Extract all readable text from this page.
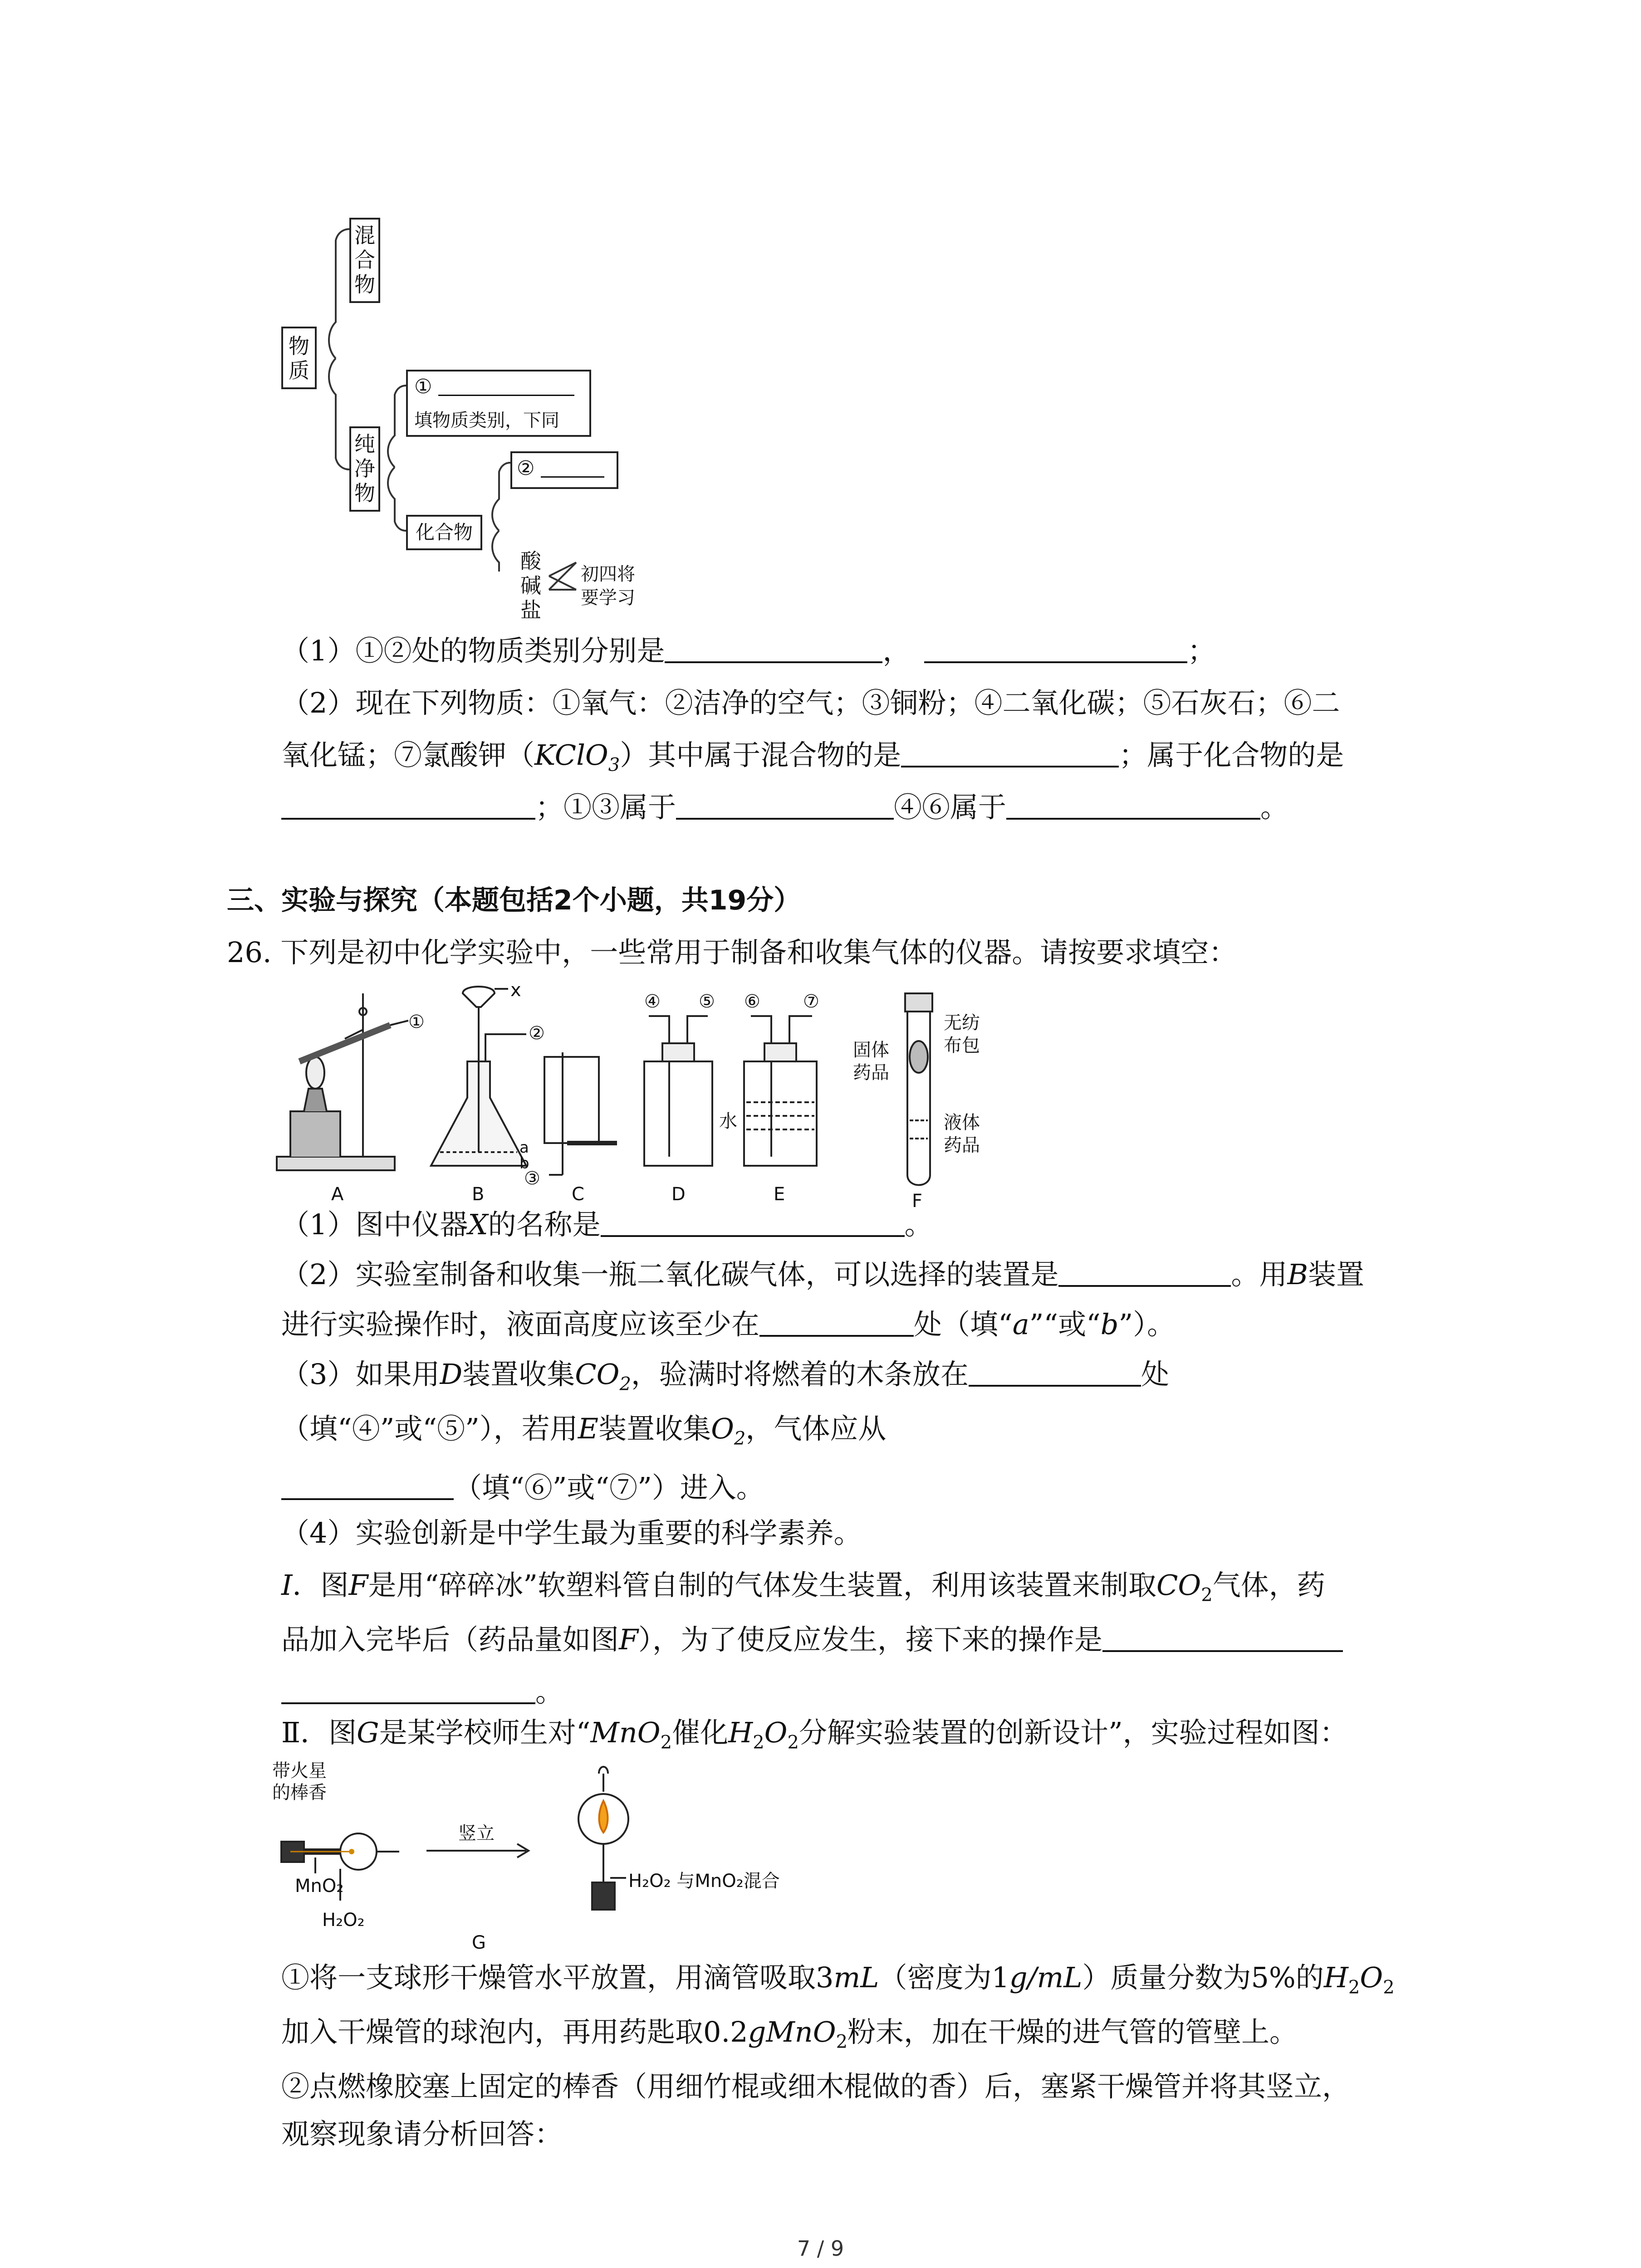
物质
混合物
纯净物
①
填物质类别，下同
②
化合物
酸
碱
盐
初四将
要学习
（1）①②处的物质类别分别是	，	；
（2）现在下列物质：①氧气：②洁净的空气；③铜粉；④二氧化碳；⑤石灰石；⑥二
氧化锰；⑦氯酸钾（KClO$_3$）其中属于混合物的是	；属于化合物的是
；①③属于	④⑥属于	。
三、实验与探究（本题包括2个小题，共19分）
26. 下列是初中化学实验中，一些常用于制备和收集气体的仪器。请按要求填空：
①
x
②
a
b
③
④ ⑤ ⑥ ⑦
水
固体
药品
无纺
布包
液体
药品
A	B	C	D	E	F
（1）图中仪器X的名称是	。
（2）实验室制备和收集一瓶二氧化碳气体，可以选择的装置是	。用B装置
进行实验操作时，液面高度应该至少在	处（填“a”“或“b”）。
（3）如果用D装置收集$CO_2$，验满时将燃着的木条放在	处
（填“④”或“⑤”），若用E装置收集$O_2$，气体应从
（填“⑥”或“⑦”）进入。
（4）实验创新是中学生最为重要的科学素养。
I．图F是用“碎碎冰”软塑料管自制的气体发生装置，利用该装置来制取$CO_2$气体，药
品加入完毕后（药品量如图F），为了使反应发生，接下来的操作是
。
Ⅱ．图G是某学校师生对“MnO$_2$催化$H_2O_2$分解实验装置的创新设计”，实验过程如图：
带火星
的棒香
竖立
MnO₂
H₂O₂
H₂O₂ 与MnO₂混合
G
①将一支球形干燥管水平放置，用滴管吸取3mL（密度为1g/mL）质量分数为5%的$H_2O_2$
加入干燥管的球泡内，再用药匙取0.2gMnO$_2$粉末，加在干燥的进气管的管壁上。
②点燃橡胶塞上固定的棒香（用细竹棍或细木棍做的香）后，塞紧干燥管并将其竖立，
观察现象请分析回答：
7 / 9
